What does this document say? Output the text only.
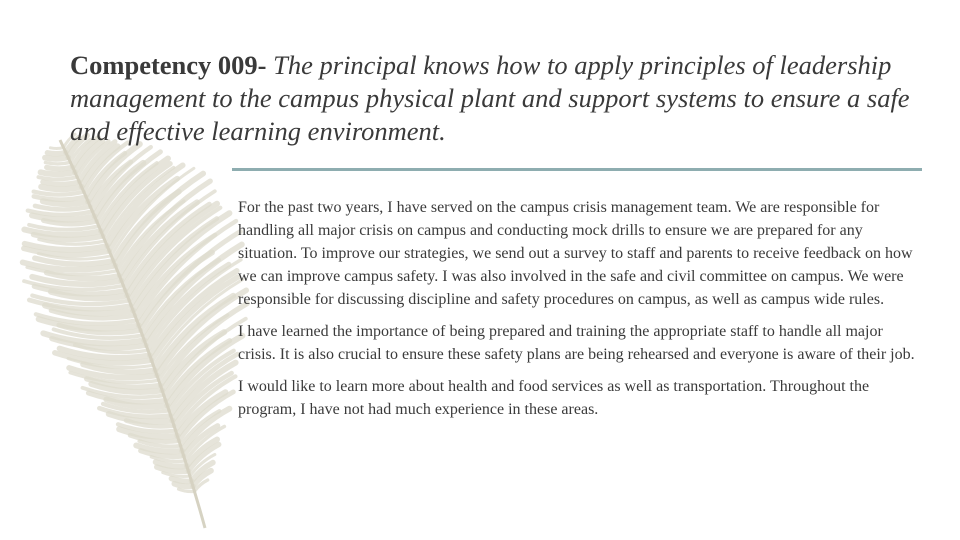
Competency 009- The principal knows how to apply principles of leadership management to the campus physical plant and support systems to ensure a safe and effective learning environment.

For the past two years, I have served on the campus crisis management team. We are responsible for handling all major crisis on campus and conducting mock drills to ensure we are prepared for any situation. To improve our strategies, we send out a survey to staff and parents to receive feedback on how we can improve campus safety. I was also involved in the safe and civil committee on campus. We were responsible for discussing discipline and safety procedures on campus, as well as campus wide rules.

I have learned the importance of being prepared and training the appropriate staff to handle all major crisis. It is also crucial to ensure these safety plans are being rehearsed and everyone is aware of their job.

I would like to learn more about health and food services as well as transportation. Throughout the program, I have not had much experience in these areas.
